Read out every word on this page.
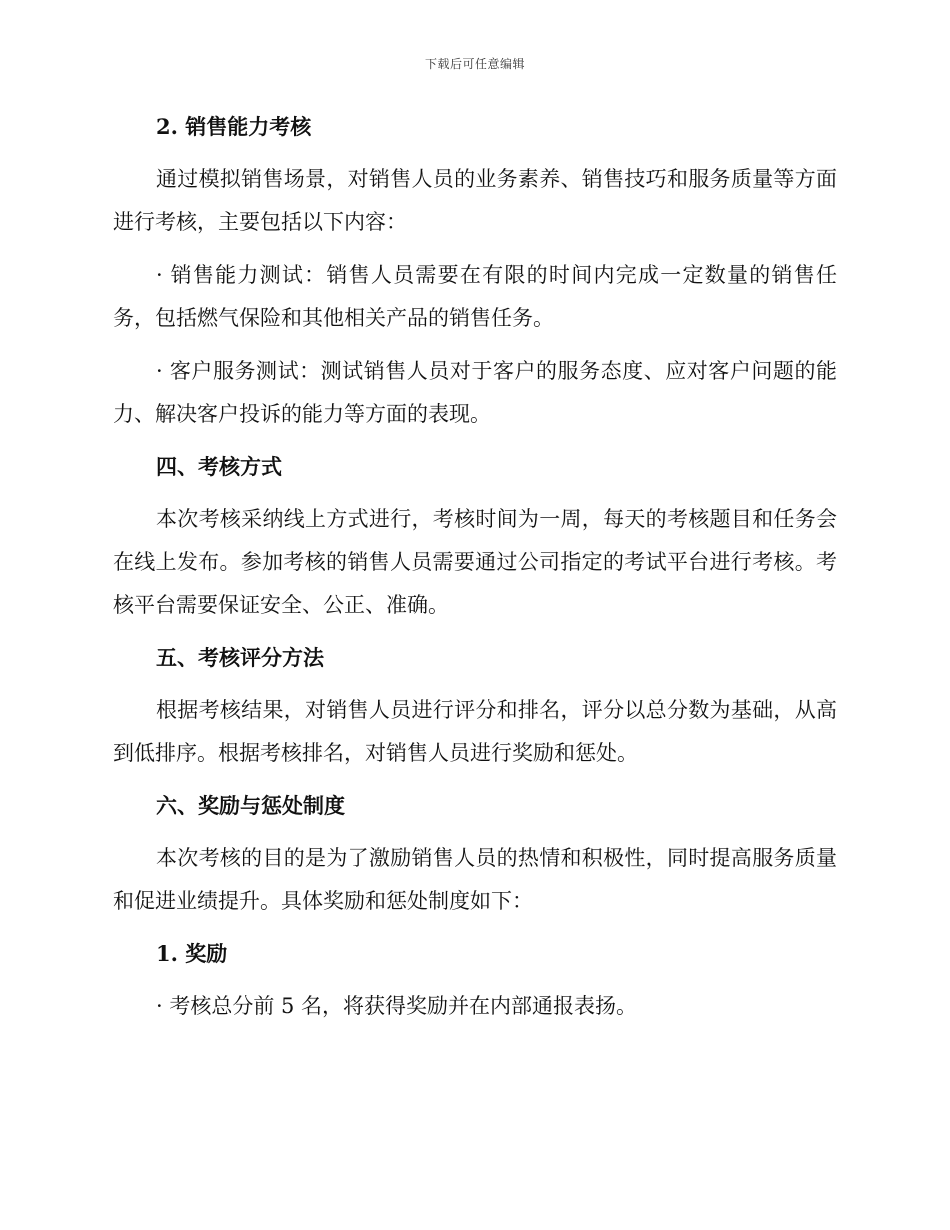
下载后可任意编辑

2. 销售能力考核

通过模拟销售场景，对销售人员的业务素养、销售技巧和服务质量等方面进行考核，主要包括以下内容：

· 销售能力测试：销售人员需要在有限的时间内完成一定数量的销售任务，包括燃气保险和其他相关产品的销售任务。

· 客户服务测试：测试销售人员对于客户的服务态度、应对客户问题的能力、解决客户投诉的能力等方面的表现。

四、考核方式

本次考核采纳线上方式进行，考核时间为一周，每天的考核题目和任务会在线上发布。参加考核的销售人员需要通过公司指定的考试平台进行考核。考核平台需要保证安全、公正、准确。

五、考核评分方法

根据考核结果，对销售人员进行评分和排名，评分以总分数为基础，从高到低排序。根据考核排名，对销售人员进行奖励和惩处。

六、奖励与惩处制度

本次考核的目的是为了激励销售人员的热情和积极性，同时提高服务质量和促进业绩提升。具体奖励和惩处制度如下：

1. 奖励

· 考核总分前 5 名，将获得奖励并在内部通报表扬。
